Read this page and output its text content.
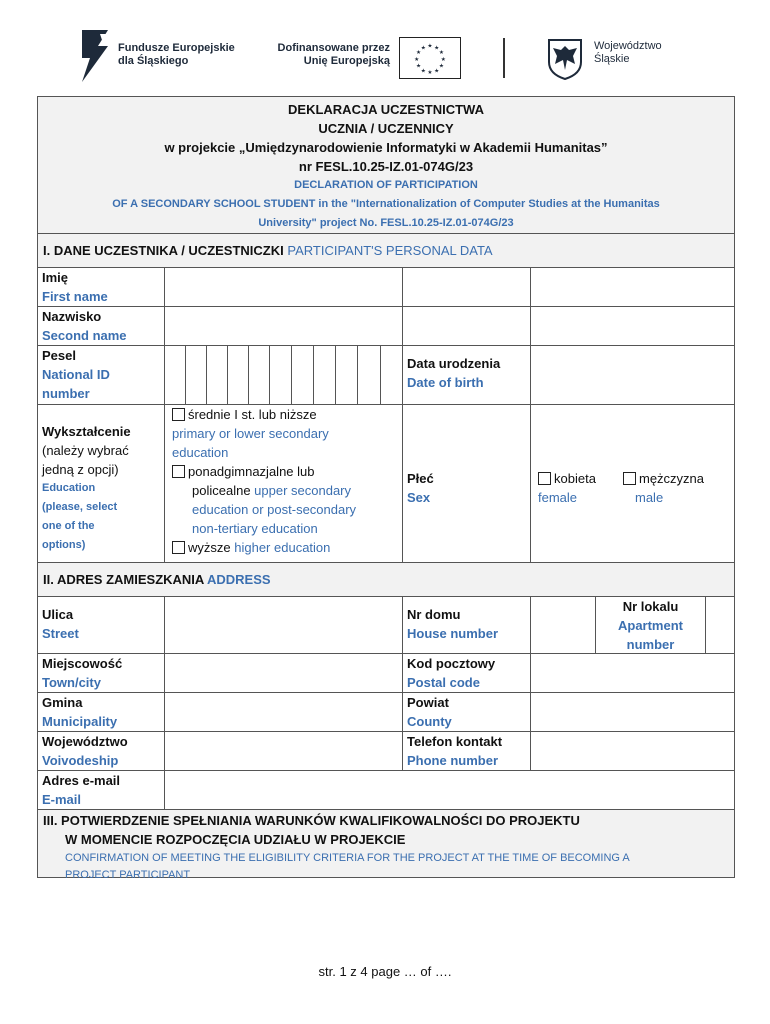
Fundusze Europejskie
dla Śląskiego
Dofinansowane przez
Unię Europejską
★ ★
★
★
★
★
★
★
★
★
★
★	Województwo
Śląskie
DEKLARACJA UCZESTNICTWA
UCZNIA / UCZENNICY
w projekcie „Umiędzynarodowienie Informatyki w Akademii Humanitas”
nr FESL.10.25-IZ.01-074G/23
DECLARATION OF PARTICIPATION
OF A SECONDARY SCHOOL STUDENT in the "Internationalization of Computer Studies at the Humanitas
University" project No. FESL.10.25-IZ.01-074G/23
I. DANE UCZESTNIKA / UCZESTNICZKI PARTICIPANT'S PERSONAL DATA
Imię
First name
Nazwisko
Second name
Pesel
National ID
number
Data urodzenia
Date of birth
Wykształcenie
(należy wybrać
jedną z opcji)
Education
(please, select
one of the
options)
średnie I st. lub niższe
primary or lower secondary
education
ponadgimnazjalne lub
policealne upper secondary
education or post-secondary
non-tertiary education
wyższe higher education
Płeć
Sex
kobieta
female
mężczyzna
male
II. ADRES ZAMIESZKANIA ADDRESS
Ulica
Street
Nr domu
House number
Nr lokalu
Apartment
number
Miejscowość
Town/city
Kod pocztowy
Postal code
Gmina
Municipality
Powiat
County
Województwo
Voivodeship
Telefon kontakt
Phone number
Adres e-mail
E-mail
III. POTWIERDZENIE SPEŁNIANIA WARUNKÓW KWALIFIKOWALNOŚCI DO PROJEKTU
W MOMENCIE ROZPOCZĘCIA UDZIAŁU W PROJEKCIE
CONFIRMATION OF MEETING THE ELIGIBILITY CRITERIA FOR THE PROJECT AT THE TIME OF BECOMING A
PROJECT PARTICIPANT
str. 1 z 4 page … of ….
